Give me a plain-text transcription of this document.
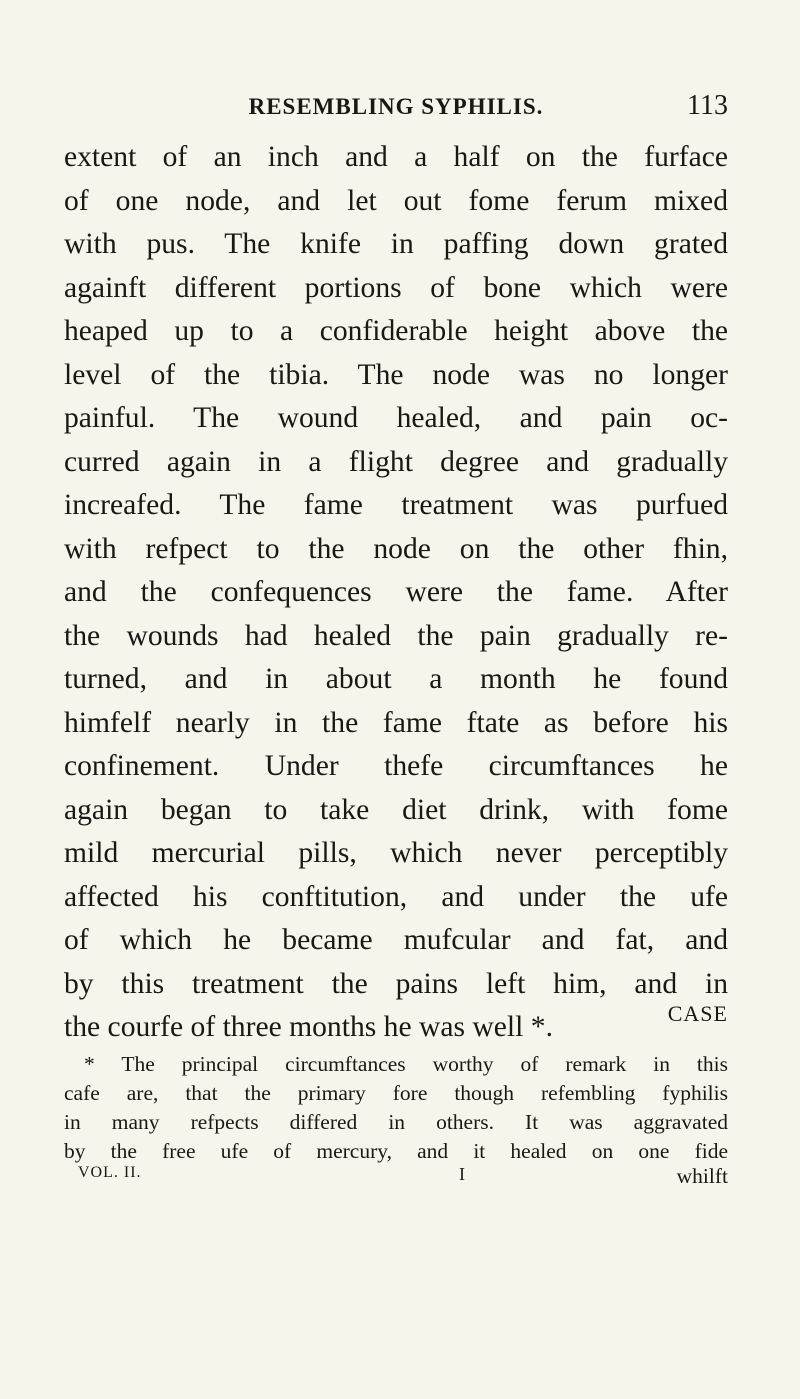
RESEMBLING SYPHILIS.	113
extent of an inch and a half on the furface
of one node, and let out fome ferum mixed
with pus. The knife in paffing down grated
againft different portions of bone which were
heaped up to a confiderable height above the
level of the tibia. The node was no longer
painful. The wound healed, and pain oc-
curred again in a flight degree and gradually
increafed. The fame treatment was purfued
with refpect to the node on the other fhin,
and the confequences were the fame. After
the wounds had healed the pain gradually re-
turned, and in about a month he found
himfelf nearly in the fame ftate as before his
confinement. Under thefe circumftances he
again began to take diet drink, with fome
mild mercurial pills, which never perceptibly
affected his conftitution, and under the ufe
of which he became mufcular and fat, and
by this treatment the pains left him, and in
the courfe of three months he was well *.	CASE
* The principal circumftances worthy of remark in this
cafe are, that the primary fore though refembling fyphilis
in many refpects differed in others. It was aggravated
by the free ufe of mercury, and it healed on one fide
VOL. II.	I	whilft
